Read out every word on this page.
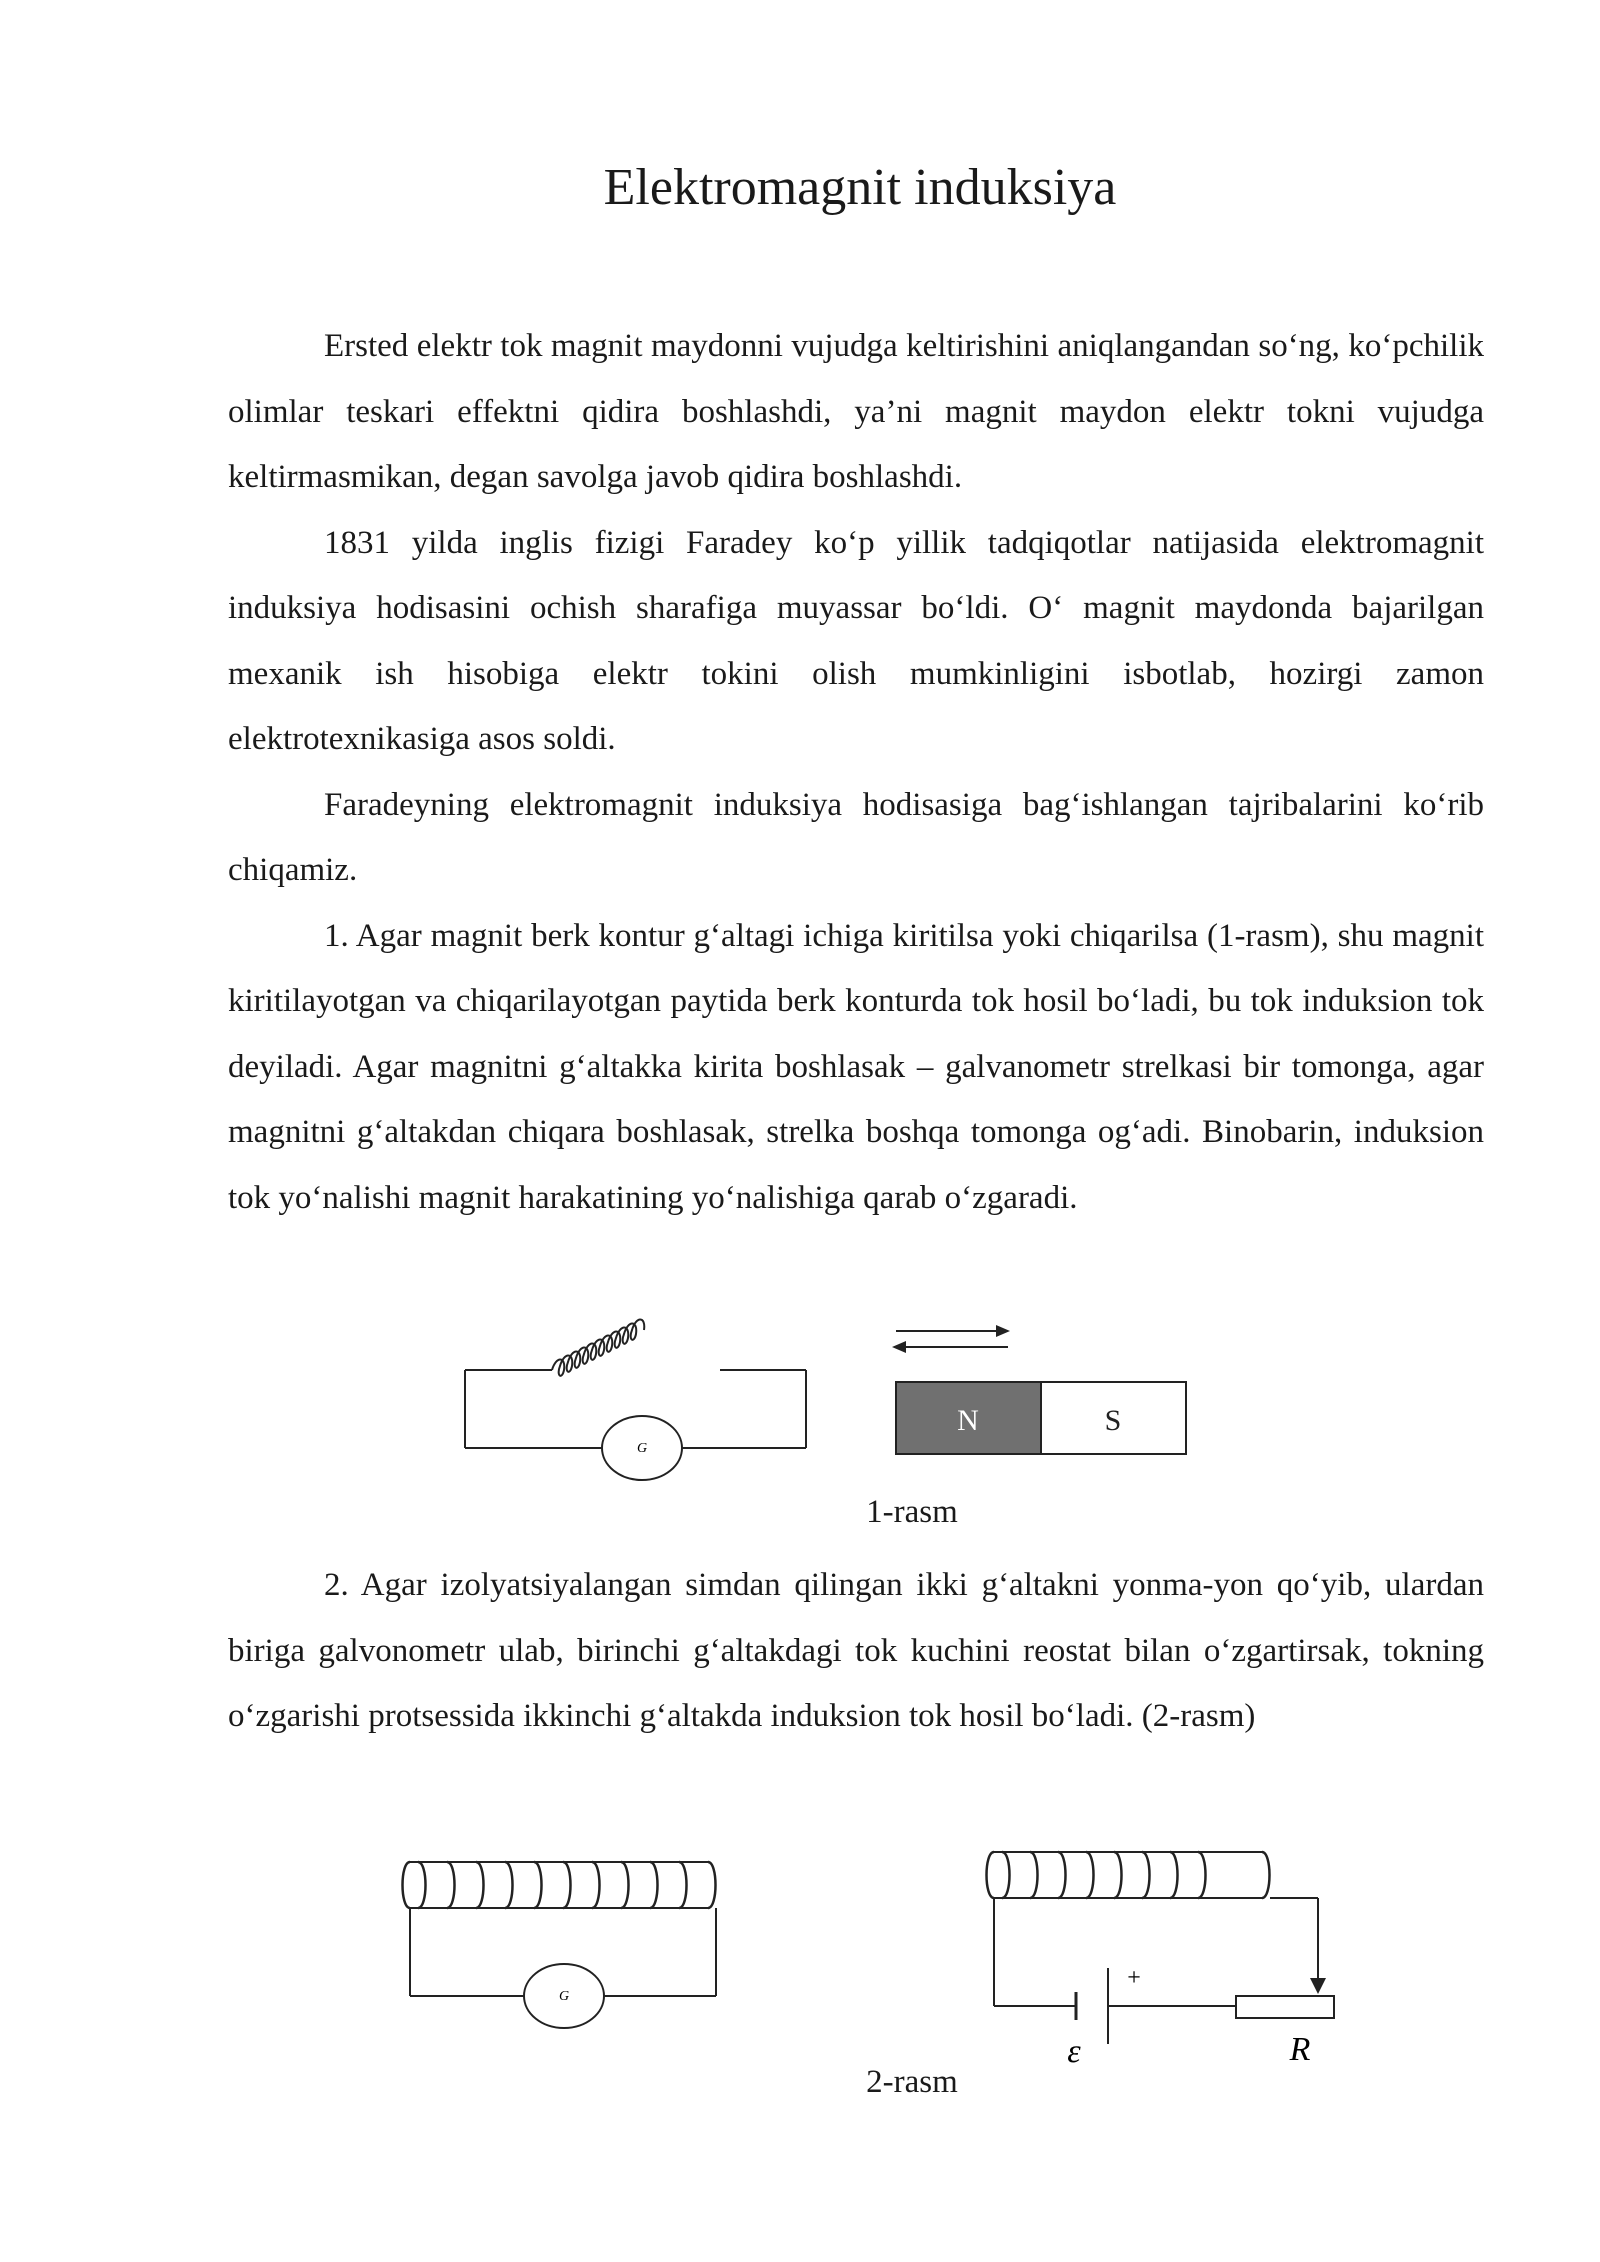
Elektromagnit induksiya

Ersted elektr tok magnit maydonni vujudga keltirishini aniqlangandan so‘ng, ko‘pchilik olimlar teskari effektni qidira boshlashdi, ya’ni magnit maydon elektr tokni vujudga keltirmasmikan, degan savolga javob qidira boshlashdi.

1831 yilda inglis fizigi Faradey ko‘p yillik tadqiqotlar natijasida elektromagnit induksiya hodisasini ochish sharafiga muyassar bo‘ldi. O‘ magnit maydonda bajarilgan mexanik ish hisobiga elektr tokini olish mumkinligini isbotlab, hozirgi zamon elektrotexnikasiga asos soldi.

Faradeyning elektromagnit induksiya hodisasiga bag‘ishlangan tajribalarini ko‘rib chiqamiz.

1. Agar magnit berk kontur g‘altagi ichiga kiritilsa yoki chiqarilsa (1-rasm), shu magnit kiritilayotgan va chiqarilayotgan paytida berk konturda tok hosil bo‘ladi, bu tok induksion tok deyiladi. Agar magnitni g‘altakka kirita boshlasak – galvanometr strelkasi bir tomonga, agar magnitni g‘altakdan chiqara boshlasak, strelka boshqa tomonga og‘adi. Binobarin, induksion tok yo‘nalishi magnit harakatining yo‘nalishiga qarab o‘zgaradi.

G
N	S
1-rasm

2. Agar izolyatsiyalangan simdan qilingan ikki g‘altakni yonma-yon qo‘yib, ulardan biriga galvonometr ulab, birinchi g‘altakdagi tok kuchini reostat bilan o‘zgartirsak, tokning o‘zgarishi protsessida ikkinchi g‘altakda induksion tok hosil bo‘ladi. (2-rasm)

G
+
ε	R
2-rasm
